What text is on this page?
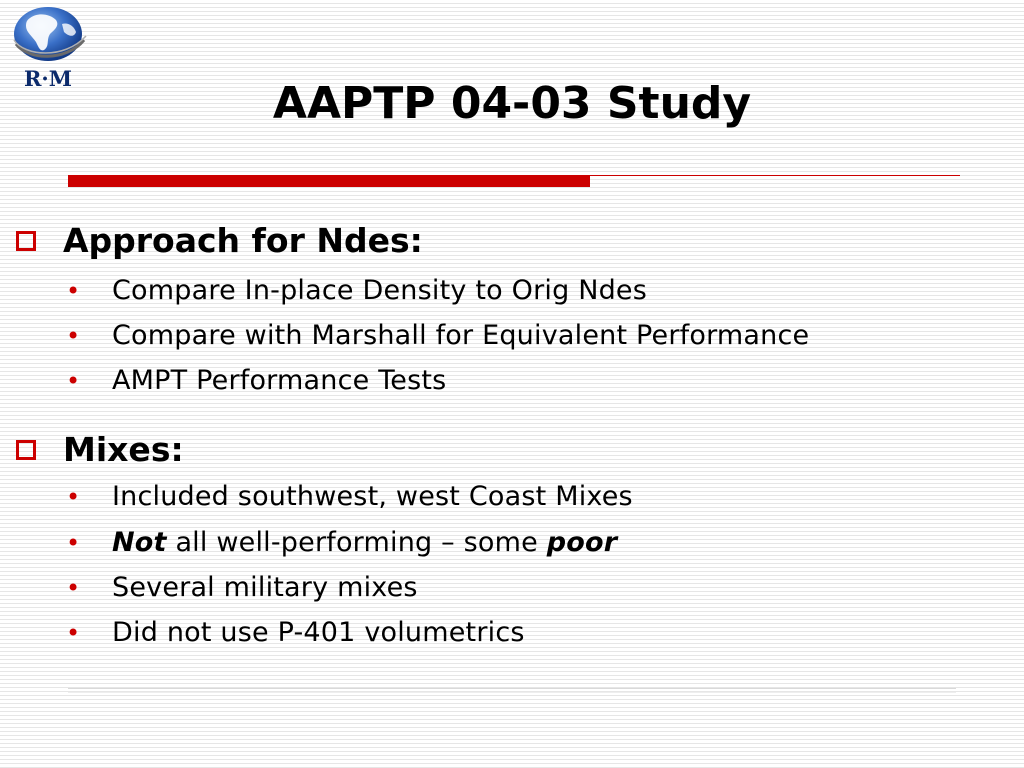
R·M	AAPTP 04-03 Study
Approach for Ndes:
•	Compare In-place Density to Orig Ndes
•	Compare with Marshall for Equivalent Performance
•	AMPT Performance Tests
Mixes:
•	Included southwest, west Coast Mixes
•	Not all well-performing – some poor
•	Several military mixes
•	Did not use P-401 volumetrics
